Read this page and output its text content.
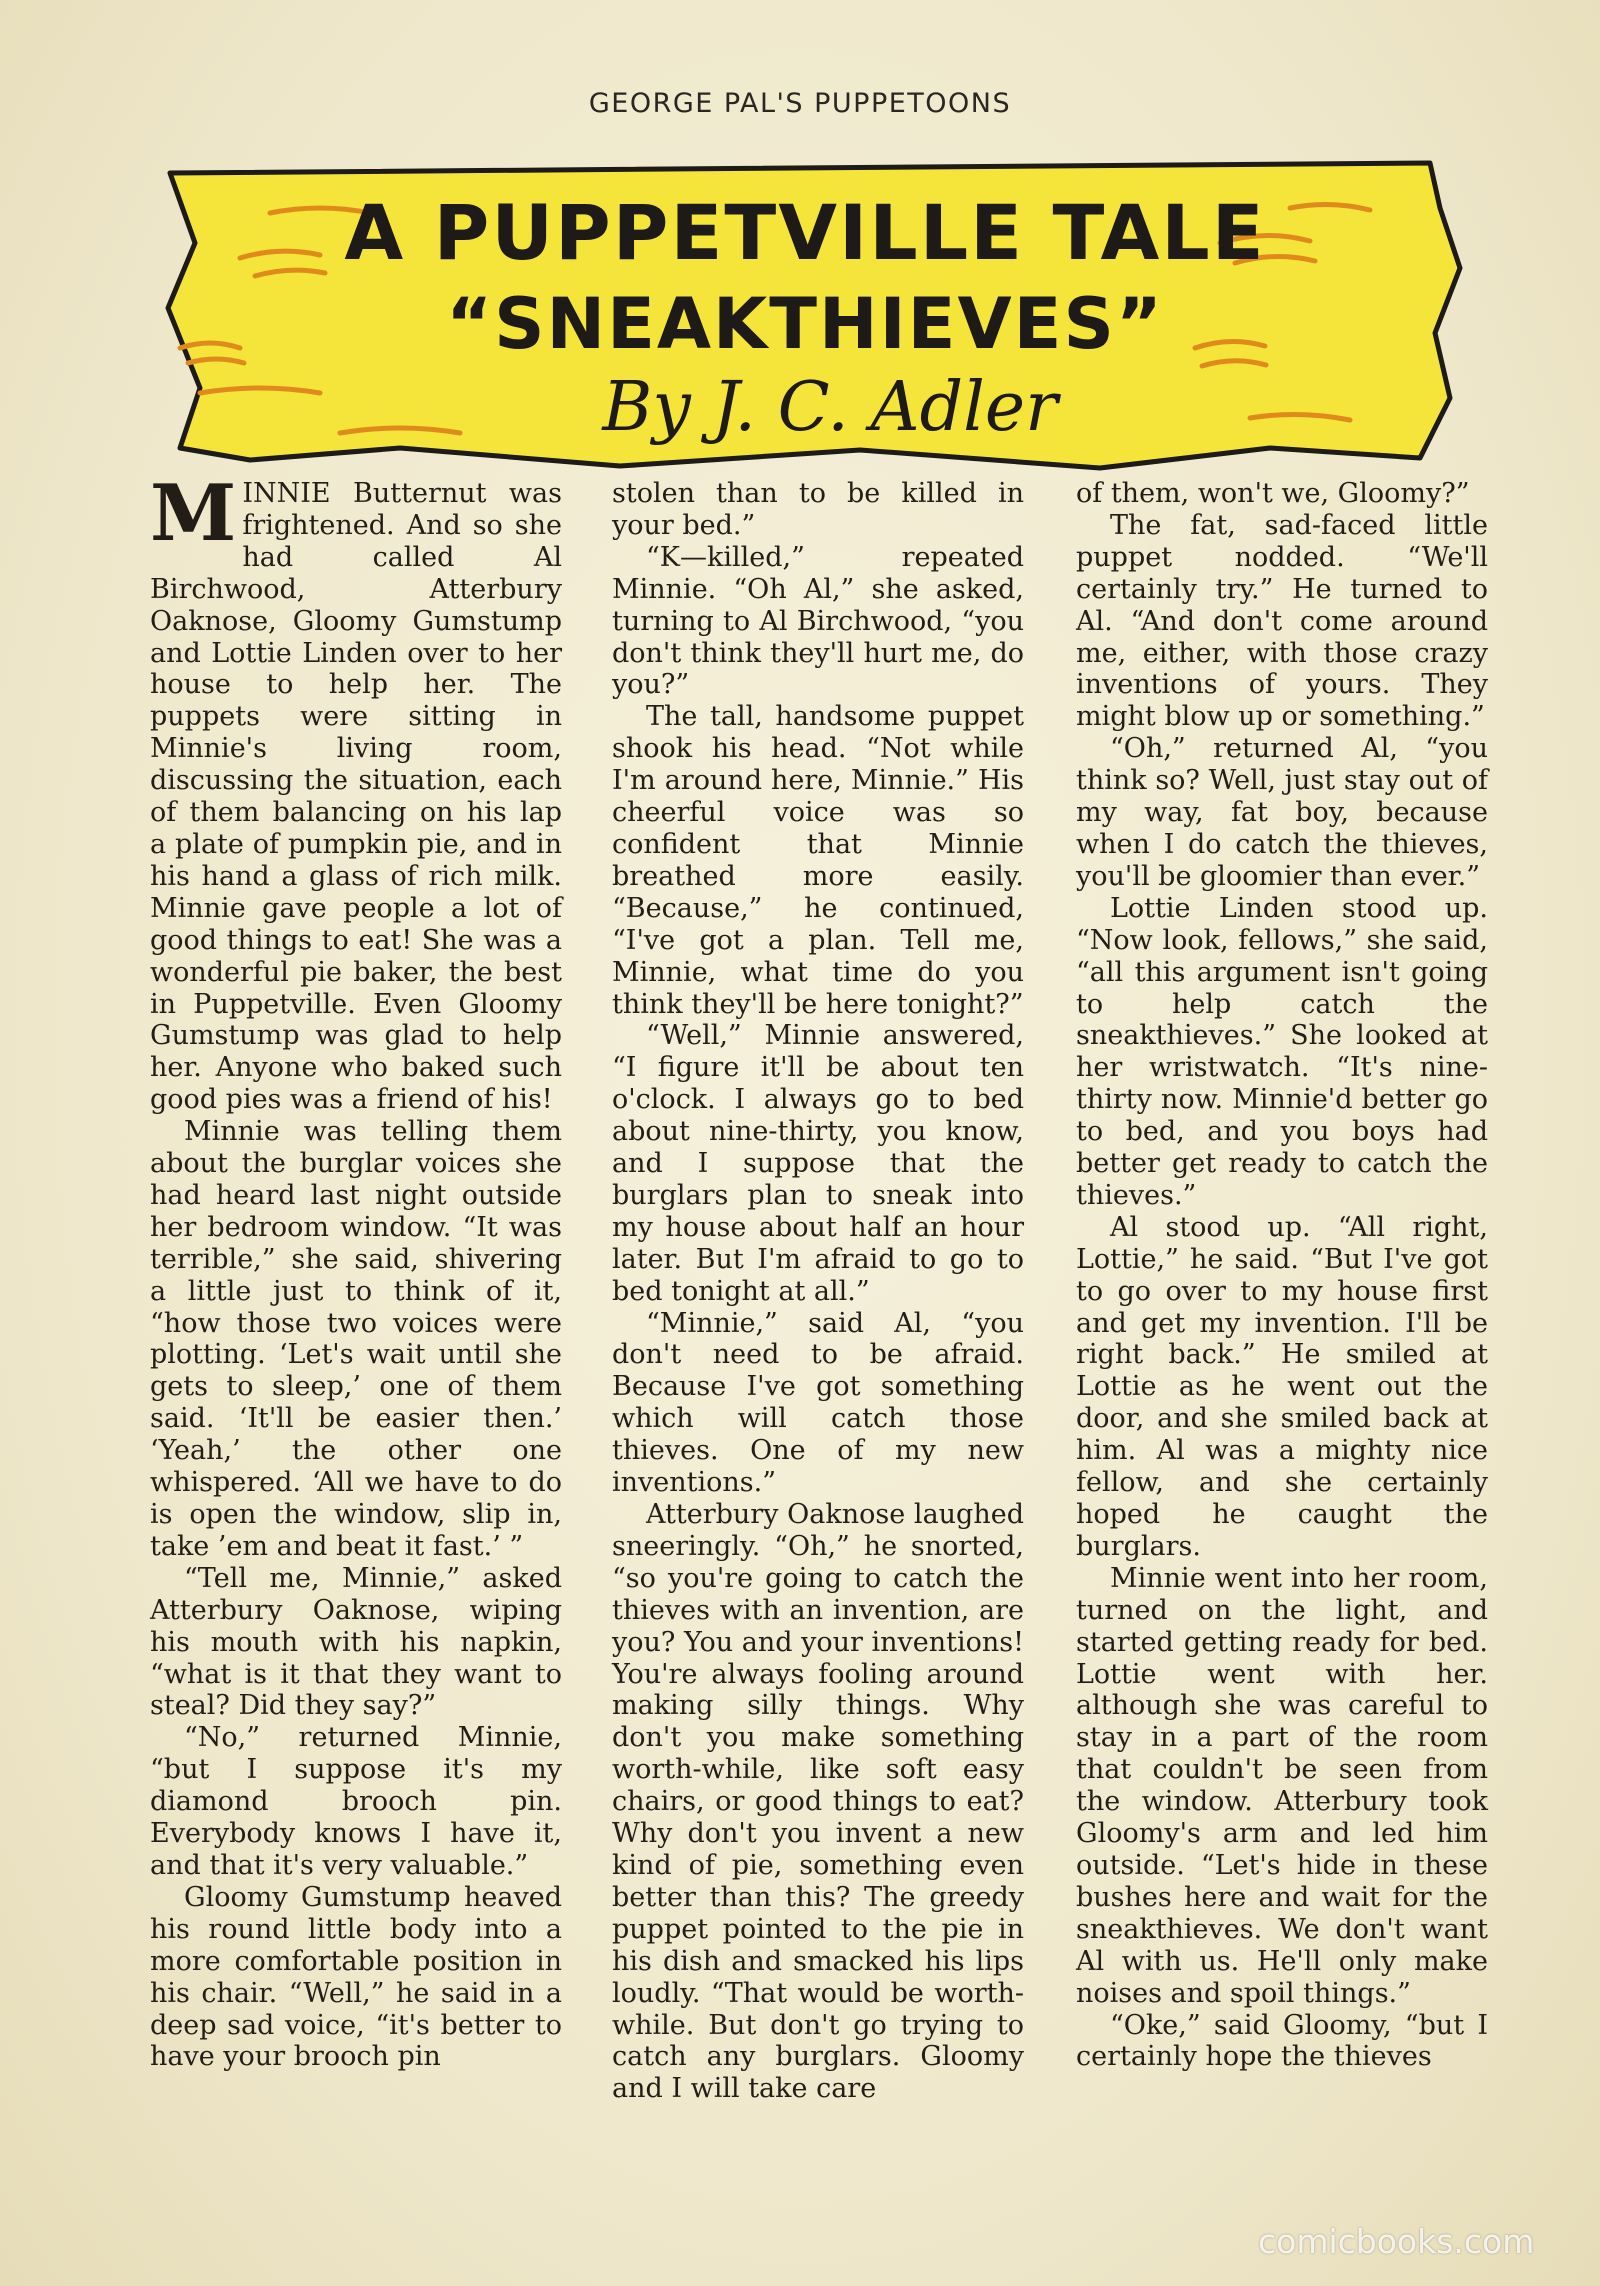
GEORGE PAL'S PUPPETOONS
A PUPPETVILLE TALE
“SNEAKTHIEVES”
By J. C. Adler

MINNIE Butternut was frightened. And so she had called Al Birchwood, Atterbury Oaknose, Gloomy Gumstump and Lottie Linden over to her house to help her. The puppets were sitting in Minnie's living room, discussing the situation, each of them balancing on his lap a plate of pumpkin pie, and in his hand a glass of rich milk. Minnie gave people a lot of good things to eat! She was a wonderful pie baker, the best in Puppetville. Even Gloomy Gumstump was glad to help her. Anyone who baked such good pies was a friend of his!

Minnie was telling them about the burglar voices she had heard last night outside her bedroom window. “It was terrible,” she said, shivering a little just to think of it, “how those two voices were plotting. ‘Let's wait until she gets to sleep,’ one of them said. ‘It'll be easier then.’ ‘Yeah,’ the other one whispered. ‘All we have to do is open the window, slip in, take ’em and beat it fast.’ ”

“Tell me, Minnie,” asked Atterbury Oaknose, wiping his mouth with his napkin, “what is it that they want to steal? Did they say?”

“No,” returned Minnie, “but I suppose it's my diamond brooch pin. Everybody knows I have it, and that it's very valuable.”

Gloomy Gumstump heaved his round little body into a more comfortable position in his chair. “Well,” he said in a deep sad voice, “it's better to have your brooch pin

stolen than to be killed in your bed.”

“K—killed,” repeated Minnie. “Oh Al,” she asked, turning to Al Birchwood, “you don't think they'll hurt me, do you?”

The tall, handsome puppet shook his head. “Not while I'm around here, Minnie.” His cheerful voice was so confident that Minnie breathed more easily. “Because,” he continued, “I've got a plan. Tell me, Minnie, what time do you think they'll be here tonight?”

“Well,” Minnie answered, “I figure it'll be about ten o'clock. I always go to bed about nine-thirty, you know, and I suppose that the burglars plan to sneak into my house about half an hour later. But I'm afraid to go to bed tonight at all.”

“Minnie,” said Al, “you don't need to be afraid. Because I've got something which will catch those thieves. One of my new inventions.”

Atterbury Oaknose laughed sneeringly. “Oh,” he snorted, “so you're going to catch the thieves with an invention, are you? You and your inventions! You're always fooling around making silly things. Why don't you make something worth-while, like soft easy chairs, or good things to eat? Why don't you invent a new kind of pie, something even better than this? The greedy puppet pointed to the pie in his dish and smacked his lips loudly. “That would be worth-while. But don't go trying to catch any burglars. Gloomy and I will take care

of them, won't we, Gloomy?”

The fat, sad-faced little puppet nodded. “We'll certainly try.” He turned to Al. “And don't come around me, either, with those crazy inventions of yours. They might blow up or something.”

“Oh,” returned Al, “you think so? Well, just stay out of my way, fat boy, because when I do catch the thieves, you'll be gloomier than ever.”

Lottie Linden stood up. “Now look, fellows,” she said, “all this argument isn't going to help catch the sneakthieves.” She looked at her wristwatch. “It's nine-thirty now. Minnie'd better go to bed, and you boys had better get ready to catch the thieves.”

Al stood up. “All right, Lottie,” he said. “But I've got to go over to my house first and get my invention. I'll be right back.” He smiled at Lottie as he went out the door, and she smiled back at him. Al was a mighty nice fellow, and she certainly hoped he caught the burglars.

Minnie went into her room, turned on the light, and started getting ready for bed. Lottie went with her. although she was careful to stay in a part of the room that couldn't be seen from the window. Atterbury took Gloomy's arm and led him outside. “Let's hide in these bushes here and wait for the sneakthieves. We don't want Al with us. He'll only make noises and spoil things.”

“Oke,” said Gloomy, “but I certainly hope the thieves

comicbooks.com
